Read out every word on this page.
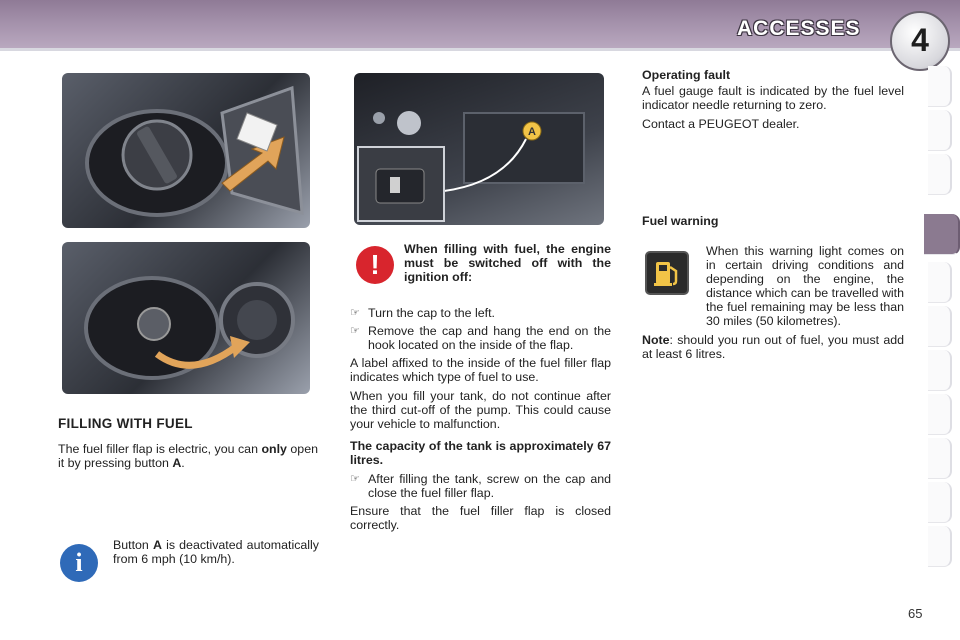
ACCESSES	4
A
FILLING WITH FUEL
The fuel filler flap is electric, you can only open it by pressing button A.
i
Button A is deactivated automatically from 6 mph (10 km/h).
!	When filling with fuel, the engine must be switched off with the ignition off:
☞ Turn the cap to the left.
☞ Remove the cap and hang the end on the hook located on the inside of the flap.

A label affixed to the inside of the fuel filler flap indicates which type of fuel to use.

When you fill your tank, do not continue after the third cut-off of the pump. This could cause your vehicle to malfunction.

The capacity of the tank is approximately 67 litres.

☞ After filling the tank, screw on the cap and close the fuel filler flap.

Ensure that the fuel filler flap is closed correctly.

Operating fault

A fuel gauge fault is indicated by the fuel level indicator needle returning to zero.

Contact a PEUGEOT dealer.

Fuel warning

When this warning light comes on in certain driving conditions and depending on the engine, the distance which can be travelled with the fuel remaining may be less than 30 miles (50 kilometres).

Note: should you run out of fuel, you must add at least 6 litres.

65
